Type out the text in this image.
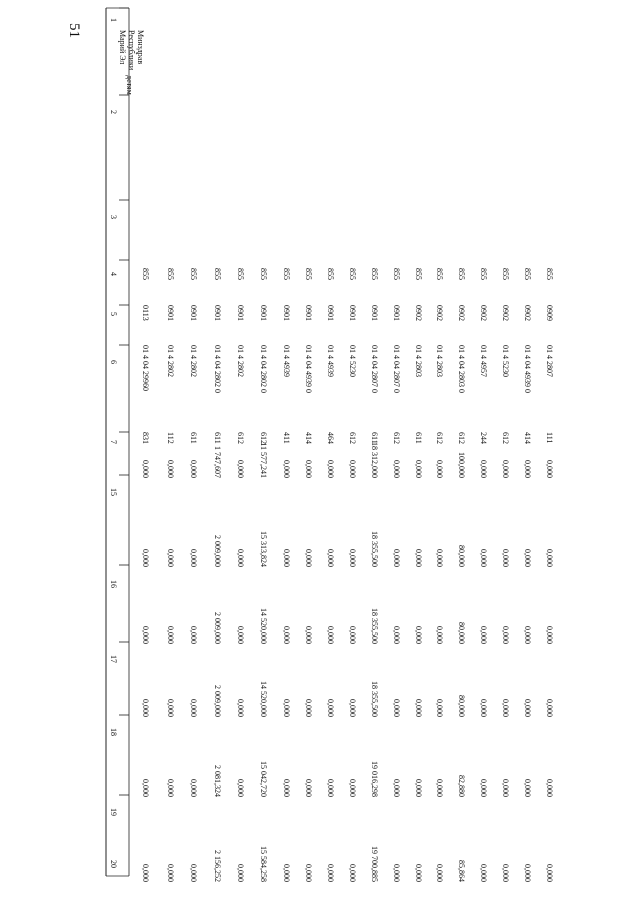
51
1
2
3
4
5
6
7
15
16
17
18
19
20
855
0113
01 4 04 29960
831
0,000
0,000
0,000
0,000
0,000
0,000
855
0901
01 4 2802
112
0,000
0,000
0,000
0,000
0,000
0,000
855
0901
01 4 2802
611
0,000
0,000
0,000
0,000
0,000
0,000
855
0901
01 4 04 2802 0
611
1 747,607
2 009,000
2 009,000
2 009,000
2 081,324
2 156,252
855
0901
01 4 2802
612
0,000
0,000
0,000
0,000
0,000
0,000
855
0901
01 4 04 2802 0
612
11 577,241
15 313,824
14 520,000
14 520,000
15 042,720
15 584,258
855
0901
01 4 4939
411
0,000
0,000
0,000
0,000
0,000
0,000
855
0901
01 4 04 4939 0
414
0,000
0,000
0,000
0,000
0,000
0,000
855
0901
01 4 4939
464
0,000
0,000
0,000
0,000
0,000
0,000
855
0901
01 4 5230
612
0,000
0,000
0,000
0,000
0,000
0,000
855
0901
01 4 04 2807 0
611
18 312,000
18 355,500
18 355,500
18 355,500
19 016,298
19 700,885
855
0901
01 4 04 2807 0
612
0,000
0,000
0,000
0,000
0,000
0,000
855
0902
01 4 2803
611
0,000
0,000
0,000
0,000
0,000
0,000
855
0902
01 4 2803
612
0,000
0,000
0,000
0,000
0,000
0,000
855
0902
01 4 04 2803 0
612
100,000
80,000
80,000
80,000
82,880
85,864
855
0902
01 4 4957
244
0,000
0,000
0,000
0,000
0,000
0,000
855
0902
01 4 5230
612
0,000
0,000
0,000
0,000
0,000
0,000
855
0902
01 4 04 4939 0
414
0,000
0,000
0,000
0,000
0,000
0,000
855
0909
01 4 2807
111
0,000
0,000
0,000
0,000
0,000
0,000
детям
Минздрав
Республики
Марий Эл
